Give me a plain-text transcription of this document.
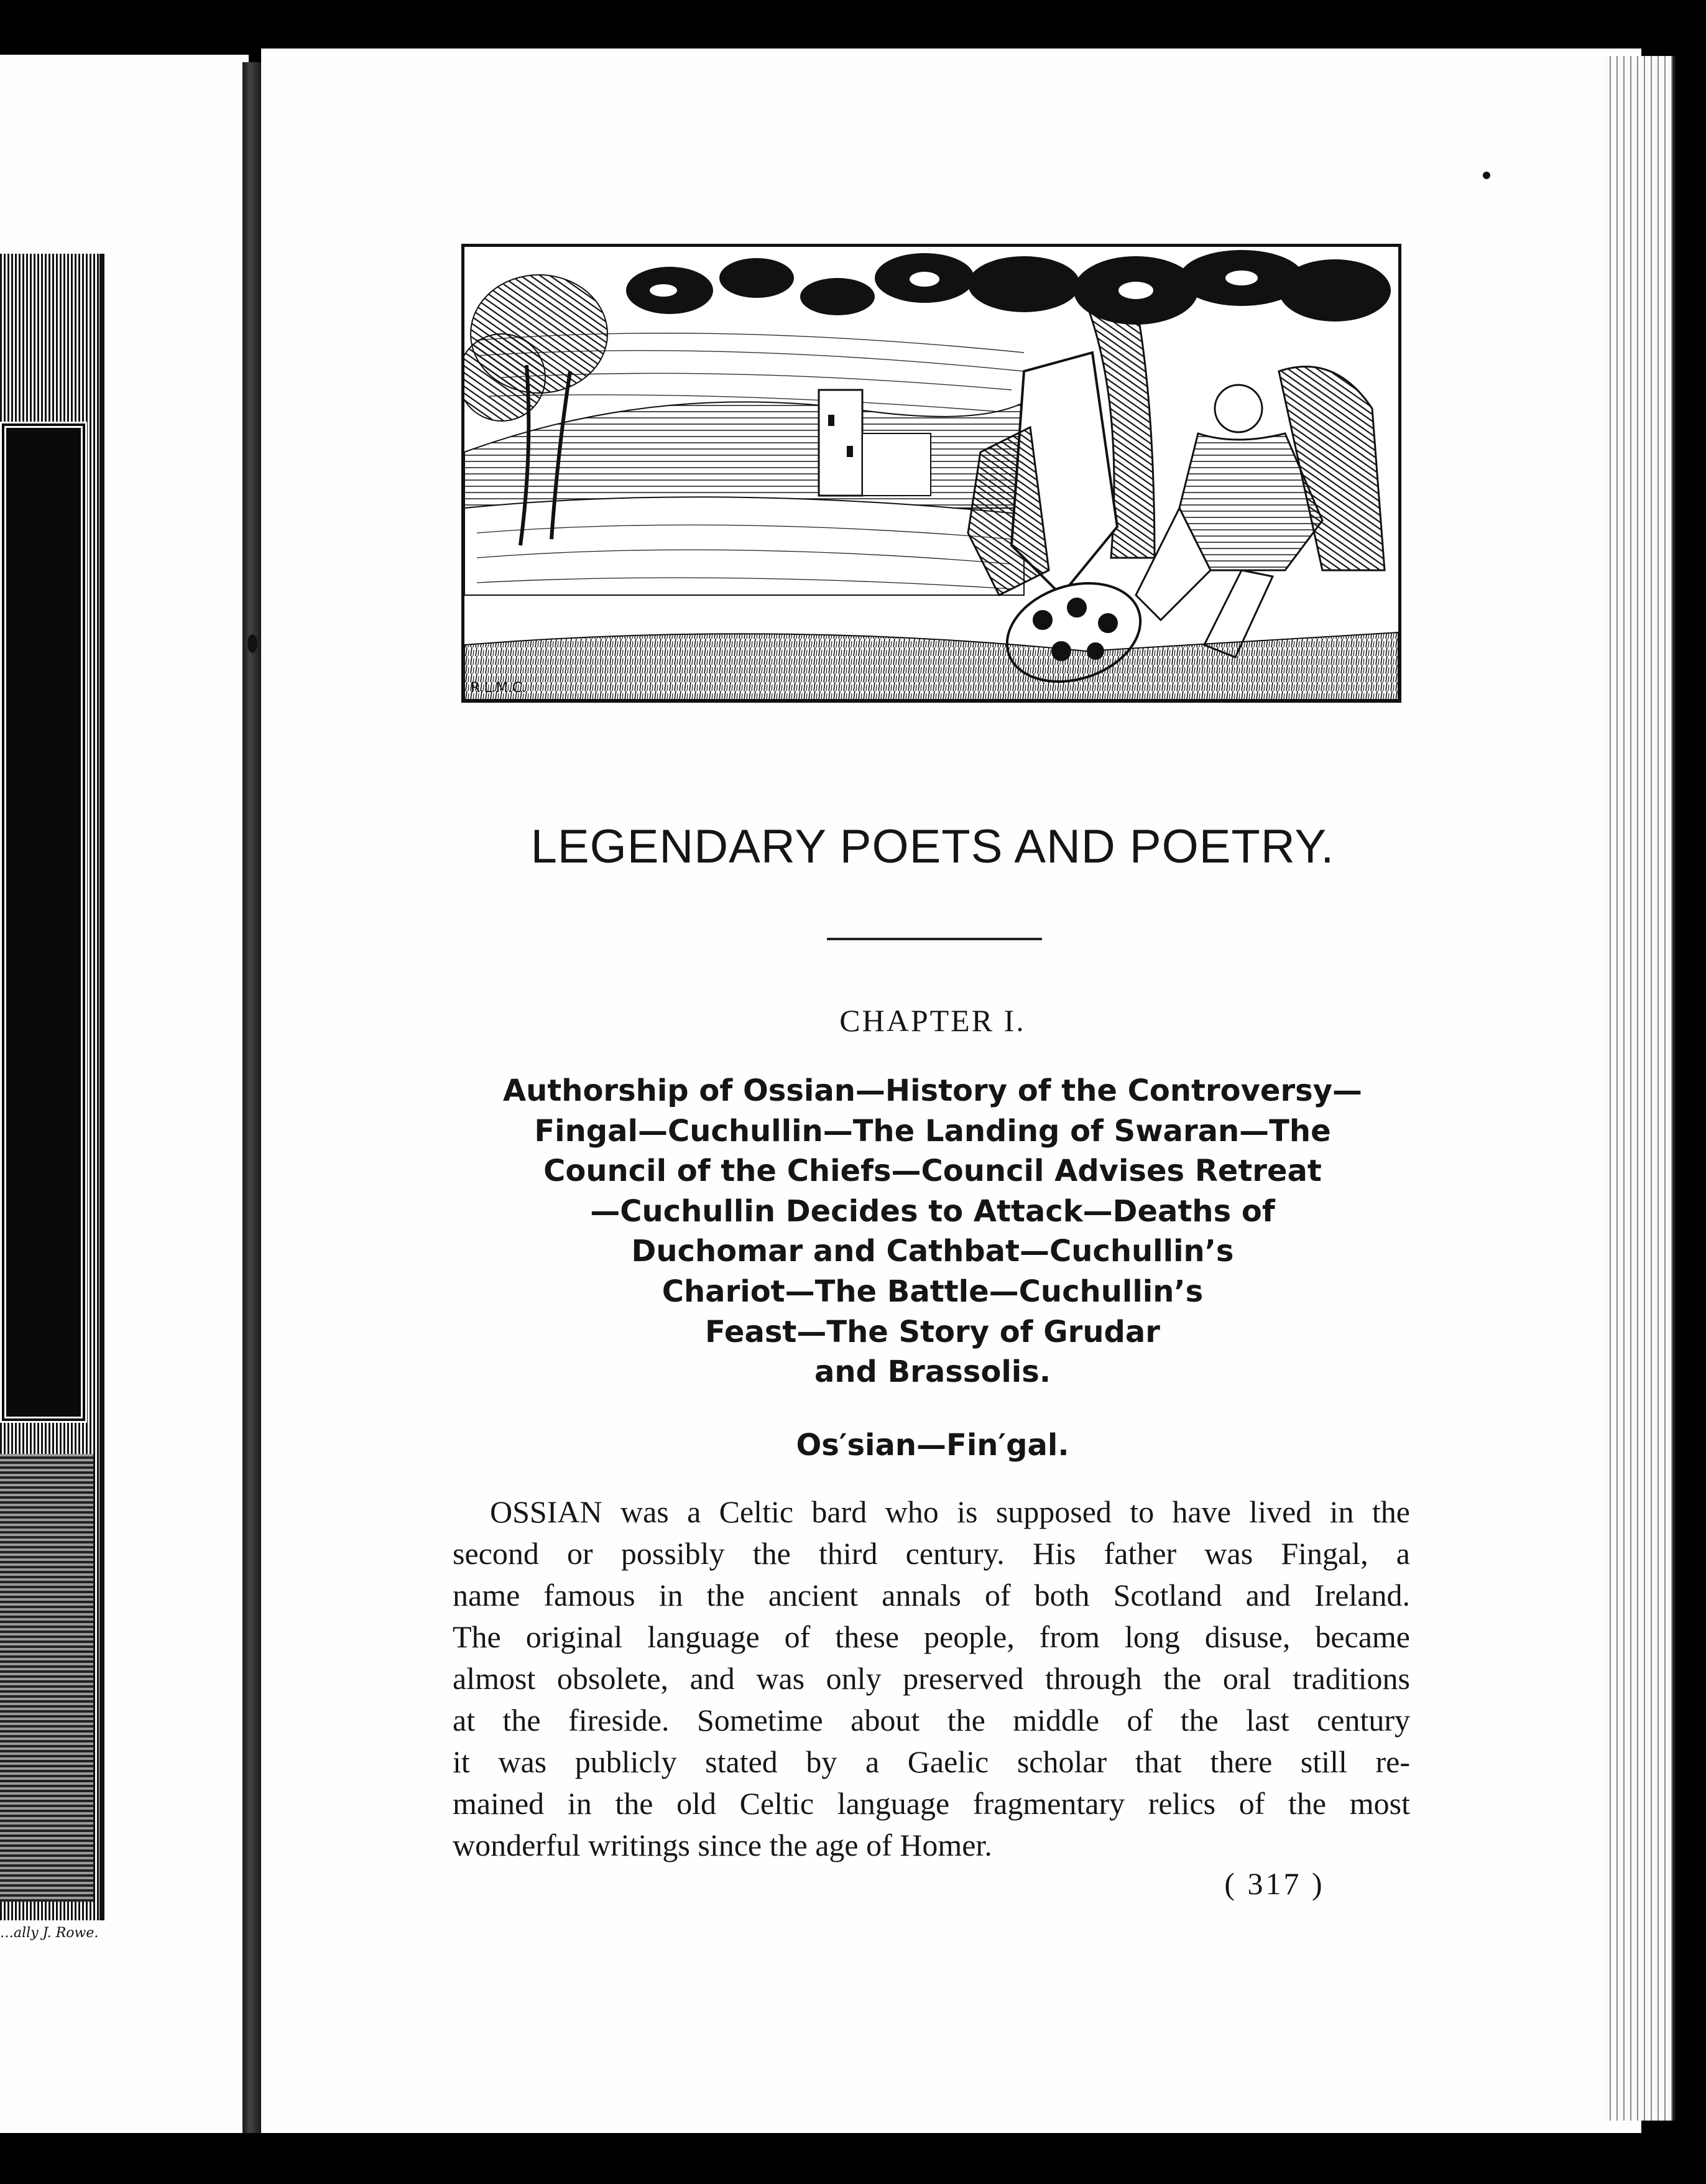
…ally J. Rowe.
R.L.M.C.
LEGENDARY POETS AND POETRY.
CHAPTER I.
Authorship of Ossian—History of the Controversy—
Fingal—Cuchullin—The Landing of Swaran—The
Council of the Chiefs—Council Advises Retreat
—Cuchullin Decides to Attack—Deaths of
Duchomar and Cathbat—Cuchullin’s
Chariot—The Battle—Cuchullin’s
Feast—The Story of Grudar
and Brassolis.
Os′sian—Fin′gal.
OSSIAN was a Celtic bard who is supposed to have lived in the
second or possibly the third century. His father was Fingal, a
name famous in the ancient annals of both Scotland and Ireland.
The original language of these people, from long disuse, became
almost obsolete, and was only preserved through the oral traditions
at the fireside. Sometime about the middle of the last century
it was publicly stated by a Gaelic scholar that there still re-
mained in the old Celtic language fragmentary relics of the most
wonderful writings since the age of Homer.
( 317 )
